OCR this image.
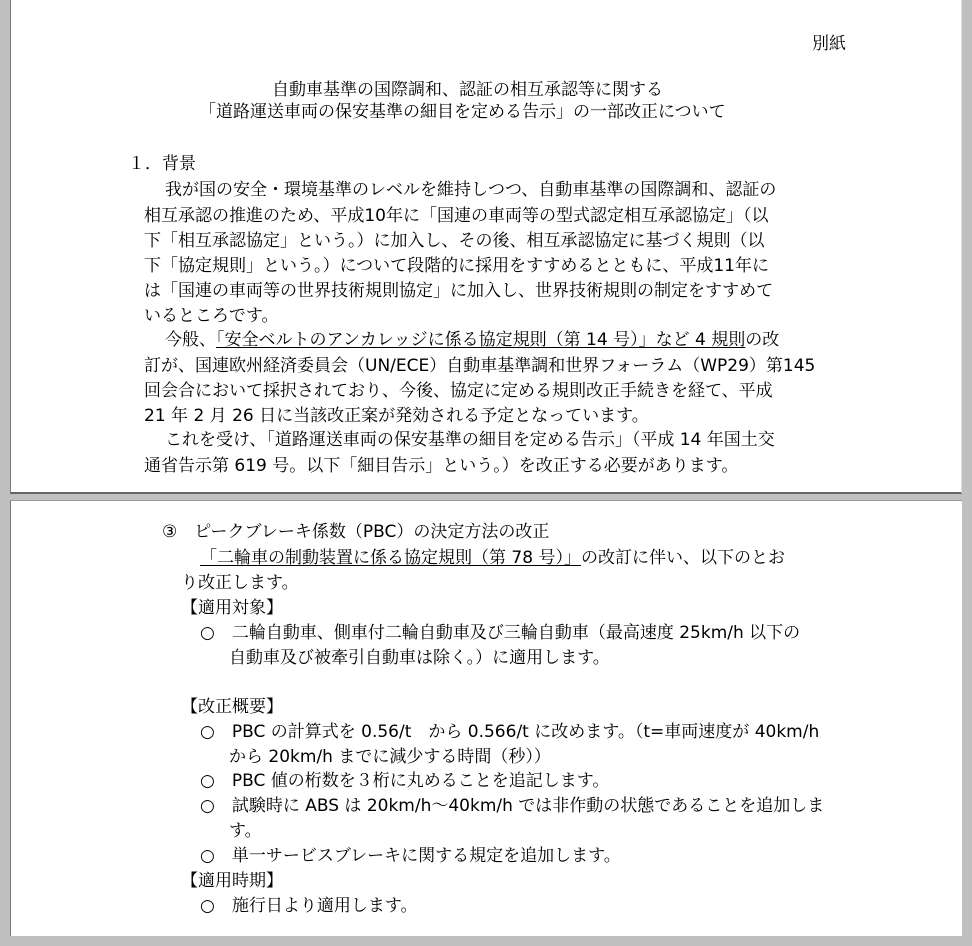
別紙
自動車基準の国際調和、認証の相互承認等に関する
「道路運送車両の保安基準の細目を定める告示」の一部改正について
１．背景
我が国の安全・環境基準のレベルを維持しつつ、自動車基準の国際調和、認証の
相互承認の推進のため、平成10年に「国連の車両等の型式認定相互承認協定」（以
下「相互承認協定」という。）に加入し、その後、相互承認協定に基づく規則（以
下「協定規則」という。）について段階的に採用をすすめるとともに、平成11年に
は「国連の車両等の世界技術規則協定」に加入し、世界技術規則の制定をすすめて
いるところです。
今般、「安全ベルトのアンカレッジに係る協定規則（第 14 号）」など 4 規則の改
訂が、国連欧州経済委員会（UN/ECE）自動車基準調和世界フォーラム（WP29）第145
回会合において採択されており、今後、協定に定める規則改正手続きを経て、平成
21 年 2 月 26 日に当該改正案が発効される予定となっています。
これを受け、「道路運送車両の保安基準の細目を定める告示」（平成 14 年国土交
通省告示第 619 号。以下「細目告示」という。）を改正する必要があります。
③　ピークブレーキ係数（PBC）の決定方法の改正
「二輪車の制動装置に係る協定規則（第 78 号）」の改訂に伴い、以下のとお
り改正します。
【適用対象】
○　二輪自動車、側車付二輪自動車及び三輪自動車（最高速度 25km/h 以下の
自動車及び被牽引自動車は除く。）に適用します。
【改正概要】
○　PBC の計算式を 0.56/t　から 0.566/t に改めます。（t=車両速度が 40km/h
から 20km/h までに減少する時間（秒））
○　PBC 値の桁数を３桁に丸めることを追記します。
○　試験時に ABS は 20km/h～40km/h では非作動の状態であることを追加しま
す。
○　単一サービスブレーキに関する規定を追加します。
【適用時期】
○　施行日より適用します。
